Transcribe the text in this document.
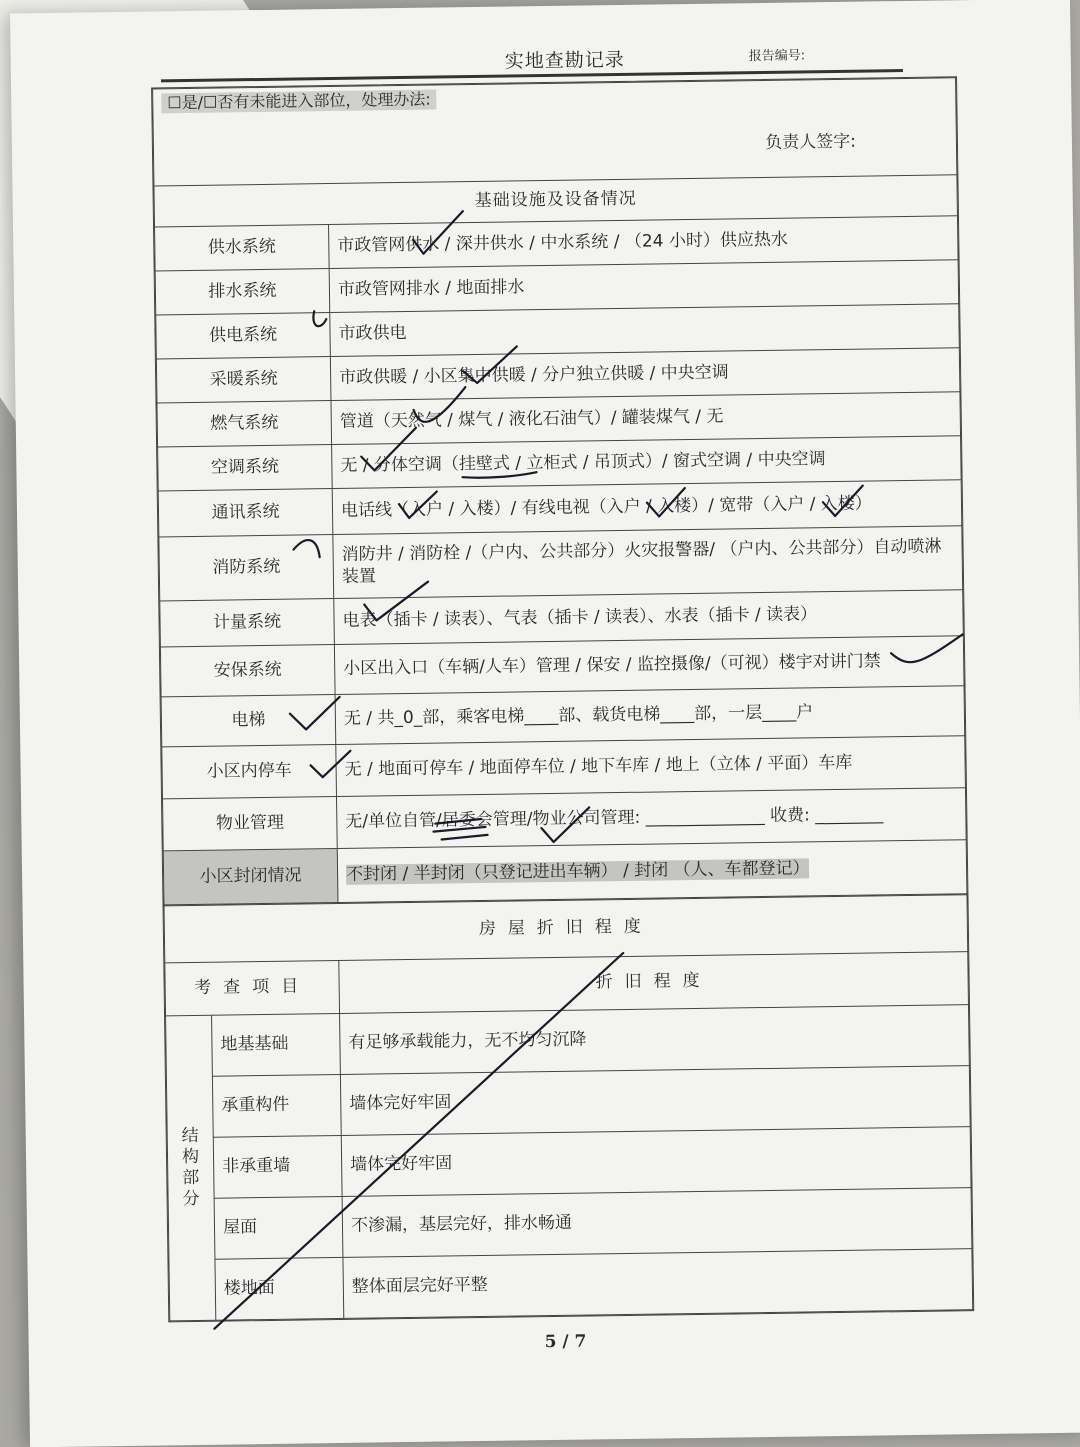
实地查勘记录	报告编号:
☐是/☐否有未能进入部位，处理办法:
负责人签字:	

基础设施及设备情况	
供水系统	市政管网供水 / 深井供水 / 中水系统 / （24 小时）供应热水
排水系统	市政管网排水 / 地面排水
供电系统	市政供电
采暖系统	市政供暖 / 小区集中供暖 / 分户独立供暖 / 中央空调
燃气系统	管道（天然气 / 煤气 / 液化石油气）/ 罐装煤气 / 无
空调系统	无 / 分体空调（挂壁式 / 立柜式 / 吊顶式）/ 窗式空调 / 中央空调
通讯系统	电话线（入户 / 入楼）/ 有线电视（入户 / 入楼）/ 宽带（入户 / 入楼）
消防系统	消防井 / 消防栓 /（户内、公共部分）火灾报警器/ （户内、公共部分）自动喷淋装置
计量系统	电表（插卡 / 读表）、气表（插卡 / 读表）、水表（插卡 / 读表）
安保系统	小区出入口（车辆/人车）管理 / 保安 / 监控摄像/（可视）楼宇对讲门禁
电梯	无 / 共_0_部，乘客电梯____部、载货电梯____部，一层____户
小区内停车	无 / 地面可停车 / 地面停车位 / 地下车库 / 地上（立体 / 平面）车库
物业管理	无/单位自管/居委会管理/物业公司管理: ______________ 收费: ________
小区封闭情况	不封闭 / 半封闭（只登记进出车辆） / 封闭 （人、车都登记）
房屋折旧程度		
考查项目		折旧程度
结构部分	地基基础	有足够承载能力，无不均匀沉降
	承重构件	墙体完好牢固
	非承重墙	墙体完好牢固
	屋面	不渗漏，基层完好，排水畅通
	楼地面	整体面层完好平整
5 / 7
